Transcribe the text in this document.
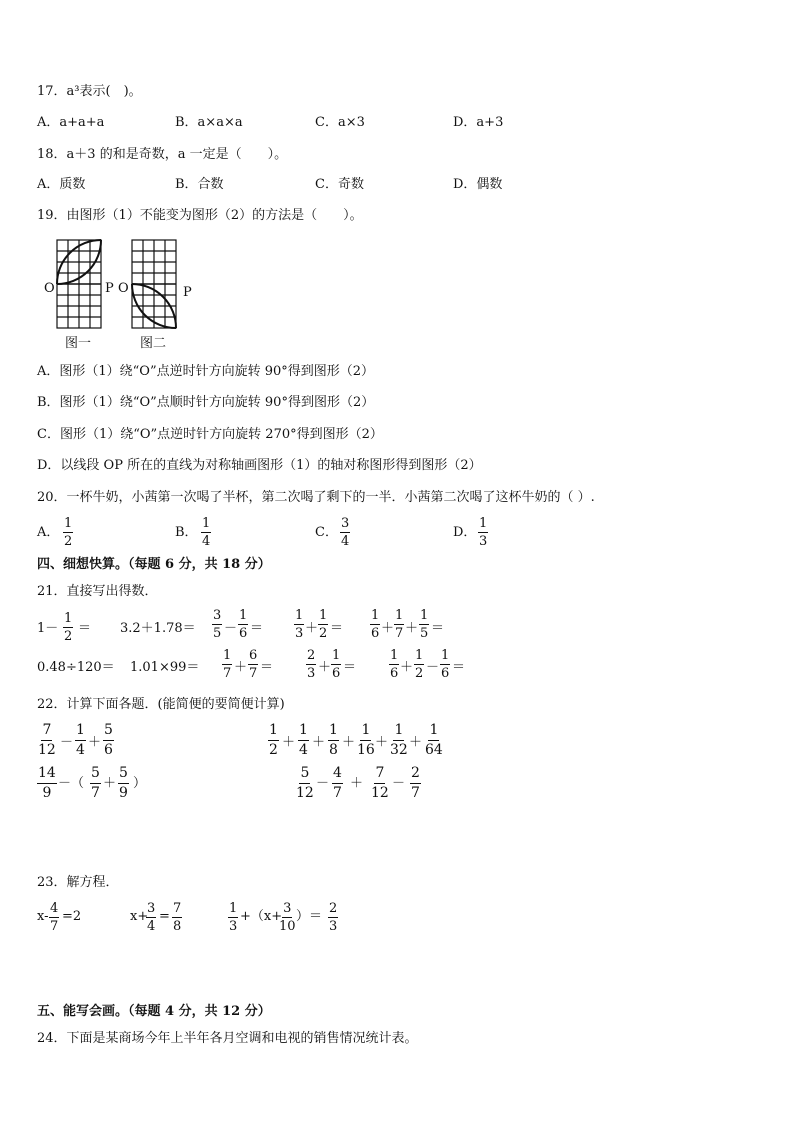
17．a³表示(　)。
A．a+a+a	B．a×a×a	C．a×3	D．a+3
18．a＋3 的和是奇数，a 一定是（　　）。
A．质数	B．合数	C．奇数	D．偶数
19．由图形（1）不能变为图形（2）的方法是（　　）。
O	P O	P
图一	图二
A．图形（1）绕“O”点逆时针方向旋转 90°得到图形（2）
B．图形（1）绕“O”点顺时针方向旋转 90°得到图形（2）
C．图形（1）绕“O”点逆时针方向旋转 270°得到图形（2）
D．以线段 OP 所在的直线为对称轴画图形（1）的轴对称图形得到图形（2）
20．一杯牛奶，小茜第一次喝了半杯，第二次喝了剩下的一半．小茜第二次喝了这杯牛奶的（ ）.
A． $\frac{1}{2}$	B． $\frac{1}{4}$	C． $\frac{3}{4}$	D． $\frac{1}{3}$
四、细想快算。（每题 6 分，共 18 分）
21．直接写出得数．
$1- \frac{1}{2} = 3.2+1.78= \frac{3}{5} - \frac{1}{6} = \frac{1}{3} + \frac{1}{2} = \frac{1}{6} + \frac{1}{7} + \frac{1}{5}$ ＝
$0.48\div 120= 1.01\times 99= \frac{1}{7} + \frac{6}{7}$ ＝	$\frac{2}{3} + \frac{1}{6}$ ＝	$\frac{1}{6} + \frac{1}{2} - \frac{1}{6}$ ＝
22．计算下面各题．(能简便的要简便计算)
$\frac{7}{12} - \frac{1}{4} + \frac{5}{6}$	$\frac{1}{2} + \frac{1}{4} + \frac{1}{8} + \frac{1}{16} + \frac{1}{32} + \frac{1}{64}$
$\frac{14}{9}$ － （ $\frac{5}{7} + \frac{5}{9}$ ）	$\frac{5}{12} - \frac{4}{7} + \frac{7}{12} - \frac{2}{7}$
23．解方程．
$x- \frac{4}{7} =2$	x+
$\frac{3}{4} = \frac{7}{8}$	$\frac{1}{3} +(x+$
$\frac{3}{10}$ ）＝ $\frac{2}{3}$
五、能写会画。（每题 4 分，共 12 分）
24．下面是某商场今年上半年各月空调和电视的销售情况统计表。
